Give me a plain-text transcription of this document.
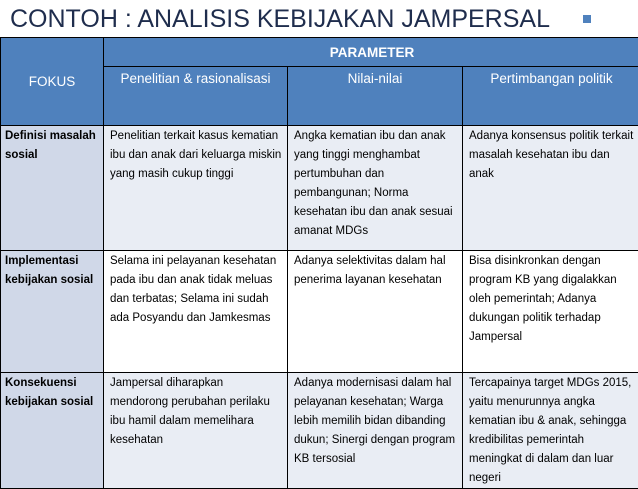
CONTOH : ANALISIS KEBIJAKAN JAMPERSAL
FOKUS	PARAMETER		
	Penelitian & rasionalisasi	Nilai-nilai	Pertimbangan politik
Definisi masalah sosial	Penelitian terkait kasus kematian ibu dan anak dari keluarga miskin yang masih cukup tinggi	Angka kematian ibu dan anak yang tinggi menghambat pertumbuhan dan pembangunan; Norma kesehatan ibu dan anak sesuai amanat MDGs	Adanya konsensus politik terkait masalah kesehatan ibu dan anak
Implementasi kebijakan sosial	Selama ini pelayanan kesehatan pada ibu dan anak tidak meluas dan terbatas; Selama ini sudah ada Posyandu dan Jamkesmas	Adanya selektivitas dalam hal penerima layanan kesehatan	Bisa disinkronkan dengan program KB yang digalakkan oleh pemerintah; Adanya dukungan politik terhadap Jampersal
Konsekuensi kebijakan sosial	Jampersal diharapkan mendorong perubahan perilaku ibu hamil dalam memelihara kesehatan	Adanya modernisasi dalam hal pelayanan kesehatan; Warga lebih memilih bidan dibanding dukun; Sinergi dengan program KB tersosial	Tercapainya target MDGs 2015, yaitu menurunnya angka kematian ibu & anak, sehingga kredibilitas pemerintah meningkat di dalam dan luar negeri
